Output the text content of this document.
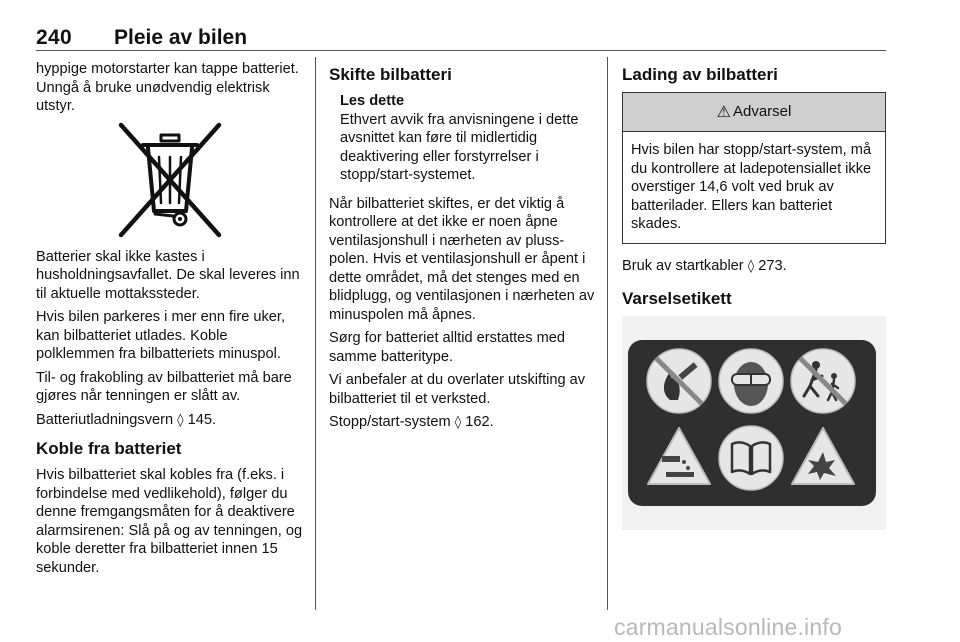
240 Pleie av bilen

hyppige motorstarter kan tappe batteriet. Unngå å bruke unødvendig elektrisk utstyr.

Batterier skal ikke kastes i husholdningsavfallet. De skal leveres inn til aktuelle mottakssteder.

Hvis bilen parkeres i mer enn fire uker, kan bilbatteriet utlades. Koble polklemmen fra bilbatteriets minuspol.

Til- og frakobling av bilbatteriet må bare gjøres når tenningen er slått av.

Batteriutladningsvern ◊ 145.

Koble fra batteriet

Hvis bilbatteriet skal kobles fra (f.eks. i forbindelse med vedlikehold), følger du denne fremgangsmåten for å deaktivere alarmsirenen: Slå på og av tenningen, og koble deretter fra bilbatteriet innen 15 sekunder.

Skifte bilbatteri
Les dette
Ethvert avvik fra anvisningene i dette avsnittet kan føre til midlertidig deaktivering eller forstyrrelser i stopp/start-systemet.

Når bilbatteriet skiftes, er det viktig å kontrollere at det ikke er noen åpne ventilasjonshull i nærheten av pluss-polen. Hvis et ventilasjonshull er åpent i dette området, må det stenges med en blidplugg, og ventilasjonen i nærheten av minuspolen må åpnes.

Sørg for batteriet alltid erstattes med samme batteritype.

Vi anbefaler at du overlater utskifting av bilbatteriet til et verksted.

Stopp/start-system ◊ 162.

Lading av bilbatteri
⚠ Advarsel
Hvis bilen har stopp/start-system, må du kontrollere at ladepotensiallet ikke overstiger 14,6 volt ved bruk av batterilader. Ellers kan batteriet skades.

Bruk av startkabler ◊ 273.

Varselsetikett
carmanualsonline.info
